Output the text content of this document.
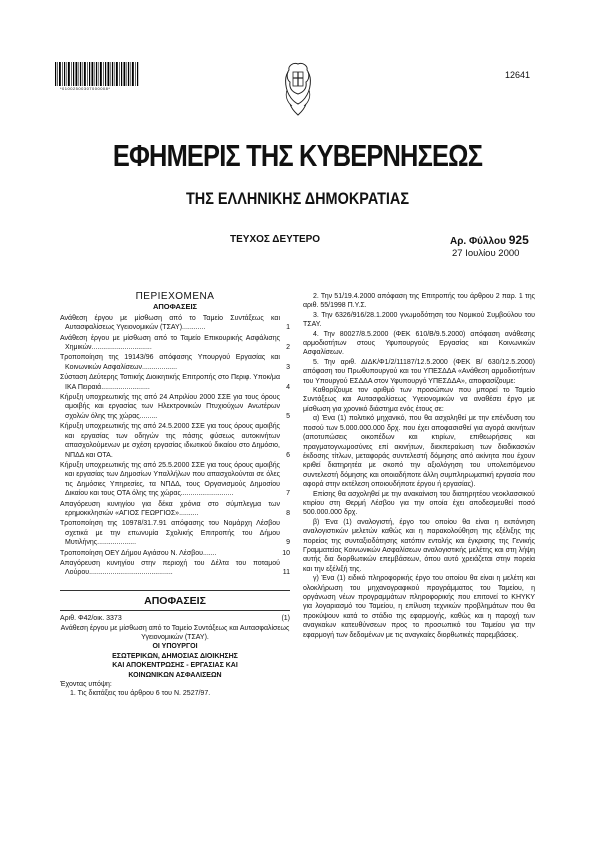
*01002500307000008*
12641
ΕΦΗΜΕΡΙΣ ΤΗΣ ΚΥΒΕΡΝΗΣΕΩΣ
ΤΗΣ ΕΛΛΗΝΙΚΗΣ ΔΗΜΟΚΡΑΤΙΑΣ
ΤΕΥΧΟΣ ΔΕΥΤΕΡΟ	Αρ. Φύλλου 925
27 Ιουλίου 2000
ΠΕΡΙΕΧΟΜΕΝΑ
ΑΠΟΦΑΣΕΙΣ
Ανάθεση έργου με μίσθωση από το Ταμείο Συντάξεως και Αυτασφαλίσεως Υγειονομικών (ΤΣΑΥ)............	1
Ανάθεση έργου με μίσθωση από το Ταμείο Επικουρικής Ασφάλισης Χημικών...............................	2
Τροποποίηση της 19143/96 απόφασης Υπουργού Εργασίας και Κοινωνικών Ασφαλίσεων..................	3
Σύσταση Δεύτερης Τοπικής Διοικητικής Επιτροπής στο Περιφ. Υποκ/μα ΙΚΑ Πειραιά.........................	4
Κήρυξη υποχρεωτικής της από 24 Απριλίου 2000 ΣΣΕ για τους όρους αμοιβής και εργασίας των Ηλεκτρονικών Πτυχιούχων Ανωτέρων σχολών όλης της χώρας.........	5
Κήρυξη υποχρεωτικής της από 24.5.2000 ΣΣΕ για τους όρους αμοιβής και εργασίας των οδηγών της πάσης φύσεως αυτοκινήτων απασχολούμενων με σχέση εργασίας ιδιωτικού δικαίου στο Δημόσιο, ΝΠΔΔ και ΟΤΑ.	6
Κήρυξη υποχρεωτικής της από 25.5.2000 ΣΣΕ για τους όρους αμοιβής και εργασίας των Δημοσίων Υπαλλήλων που απασχολούνται σε όλες τις Δημόσιες Υπηρεσίες, τα ΝΠΔΔ, τους Οργανισμούς Δημοσίου Δικαίου και τους ΟΤΑ όλης της χώρας...........................	7
Απαγόρευση κυνηγίου για δέκα χρόνια στο σύμπλεγμα των ερημοκκλησιών «ΑΓΙΟΣ ΓΕΩΡΓΙΟΣ»..........	8
Τροποποίηση της 10978/31.7.91 απόφασης του Νομάρχη Λέσβου σχετικά με την επωνυμία Σχολικής Επιτροπής του Δήμου Μυτιλήνης....................	9
Τροποποίηση ΟΕΥ Δήμου Αγιάσου Ν. Λέσβου.......	10
Απαγόρευση κυνηγίου στην περιοχή του Δέλτα του ποταμού Λούρου...........................................	11
ΑΠΟΦΑΣΕΙΣ
Αριθ. Φ42/οικ. 3373	(1)

Ανάθεση έργου με μίσθωση από το Ταμείο Συντάξεως και Αυτασφαλίσεως Υγειονομικών (ΤΣΑΥ).

ΟΙ ΥΠΟΥΡΓΟΙ

ΕΣΩΤΕΡΙΚΩΝ, ΔΗΜΟΣΙΑΣ ΔΙΟΙΚΗΣΗΣ

ΚΑΙ ΑΠΟΚΕΝΤΡΩΣΗΣ - ΕΡΓΑΣΙΑΣ ΚΑΙ

ΚΟΙΝΩΝΙΚΩΝ ΑΣΦΑΛΙΣΕΩΝ

Έχοντας υπόψη:

1. Τις διατάξεις του άρθρου 6 του Ν. 2527/97.

2. Την 51/19.4.2000 απόφαση της Επιτροπής του άρθρου 2 παρ. 1 της αριθ. 55/1998 Π.Υ.Σ.

3. Την 6326/916/28.1.2000 γνωμοδότηση του Νομικού Συμβούλου του ΤΣΑΥ.

4. Την 80027/8.5.2000 (ΦΕΚ 610/Β/9.5.2000) απόφαση ανάθεσης αρμοδιοτήτων στους Υφυπουργούς Εργασίας και Κοινωνικών Ασφαλίσεων.

5. Την αριθ. ΔΙΔΚ/Φ1/2/11187/12.5.2000 (ΦΕΚ Β/ 630/12.5.2000) απόφαση του Πρωθυπουργού και του ΥΠΕΣΔΔΑ «Ανάθεση αρμοδιοτήτων του Υπουργού ΕΣΔΔΑ στον Υφυπουργό ΥΠΕΣΔΔΑ», αποφασίζουμε:

Καθορίζουμε τον αριθμό των προσώπων που μπορεί το Ταμείο Συντάξεως και Αυτασφαλίσεως Υγειονομικών να αναθέσει έργο με μίσθωση για χρονικό διάστημα ενός έτους σε:

α) Ένα (1) πολιτικό μηχανικό, που θα ασχοληθεί με την επένδυση του ποσού των 5.000.000.000 δρχ. που έχει αποφασισθεί για αγορά ακινήτων (αποτυπώσεις οικοπέδων και κτιρίων, επιθεωρήσεις και πραγματογνωμοσύνες επί ακινήτων, διεκπεραίωση των διαδικασιών έκδοσης τίτλων, μεταφοράς συντελεστή δόμησης από ακίνητα που έχουν κριθεί διατηρητέα με σκοπό την αξιολόγηση του υπολειπόμενου συντελεστή δόμησης και οποιαδήποτε άλλη συμπληρωματική εργασία που αφορά στην εκτέλεση οποιουδήποτε έργου ή εργασίας).

Επίσης θα ασχοληθεί με την ανακαίνιση του διατηρητέου νεοκλασσικού κτιρίου στη Θερμή Λέσβου για την οποία έχει αποδεσμευθεί ποσό 500.000.000 δρχ.

β) Ένα (1) αναλογιστή, έργο του οποίου θα είναι η εκπόνηση αναλογιστικών μελετών καθώς και η παρακολούθηση της εξέλιξης της πορείας της συνταξιοδότησης κατόπιν εντολής και έγκρισης της Γενικής Γραμματείας Κοινωνικών Ασφαλίσεων αναλογιστικής μελέτης και στη λήψη αυτής δια διορθωτικών επεμβάσεων, όπου αυτό χρειάζεται στην πορεία και την εξέλιξή της.

γ) Ένα (1) ειδικό πληροφορικής έργο του οποίου θα είναι η μελέτη και ολοκλήρωση του μηχανογραφικού προγράμματος του Ταμείου, η οργάνωση νέων προγραμμάτων πληροφορικής που επιτονεί το ΚΗΥΚΥ για λογαριασμό του Ταμείου, η επίλυση τεχνικών προβλημάτων που θα προκύψουν κατά το στάδιο της εφαρμογής, καθώς και η παροχή των αναγκαίων κατευθύνσεων προς το προσωπικό του Ταμείου για την εφαρμογή των δεδομένων με τις αναγκαίες διορθωτικές παρεμβάσεις.
